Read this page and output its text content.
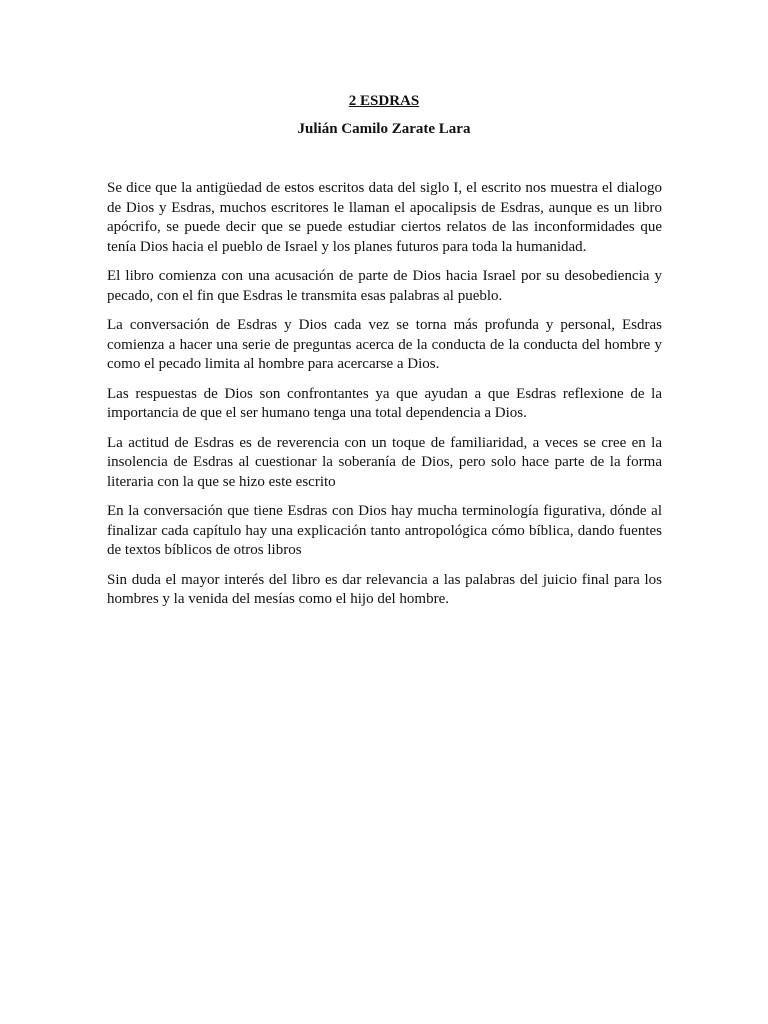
2 ESDRAS
Julián Camilo Zarate Lara

Se dice que la antigüedad de estos escritos data del siglo I, el escrito nos muestra el dialogo de Dios y Esdras, muchos escritores le llaman el apocalipsis de Esdras, aunque es un libro apócrifo, se puede decir que se puede estudiar ciertos relatos de las inconformidades que tenía Dios hacia el pueblo de Israel y los planes futuros para toda la humanidad.

El libro comienza con una acusación de parte de Dios hacia Israel por su desobediencia y pecado, con el fin que Esdras le transmita esas palabras al pueblo.

La conversación de Esdras y Dios cada vez se torna más profunda y personal, Esdras comienza a hacer una serie de preguntas acerca de la conducta de la conducta del hombre y como el pecado limita al hombre para acercarse a Dios.

Las respuestas de Dios son confrontantes ya que ayudan a que Esdras reflexione de la importancia de que el ser humano tenga una total dependencia a Dios.

La actitud de Esdras es de reverencia con un toque de familiaridad, a veces se cree en la insolencia de Esdras al cuestionar la soberanía de Dios, pero solo hace parte de la forma literaria con la que se hizo este escrito

En la conversación que tiene Esdras con Dios hay mucha terminología figurativa, dónde al finalizar cada capítulo hay una explicación tanto antropológica cómo bíblica, dando fuentes de textos bíblicos de otros libros

Sin duda el mayor interés del libro es dar relevancia a las palabras del juicio final para los hombres y la venida del mesías como el hijo del hombre.
